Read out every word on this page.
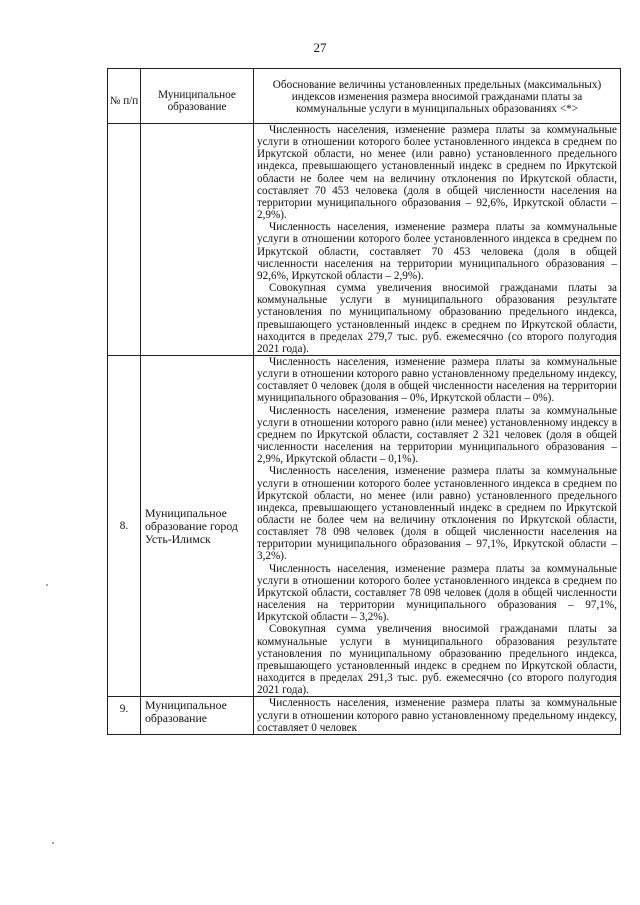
27
№ п/п	Муниципальное образование	Обоснование величины установленных предельных (максимальных) индексов изменения размера вносимой гражданами платы за коммунальные услуги в муниципальных образованиях <*>

		Численность населения, изменение размера платы за коммунальные услуги в отношении которого более установленного индекса в среднем по Иркутской области, но менее (или равно) установленного предельного индекса, превышающего установленный индекс в среднем по Иркутской области не более чем на величину отклонения по Иркутской области, составляет 70 453 человека (доля в общей численности населения на территории муниципального образования – 92,6%, Иркутской области – 2,9%).

Численность населения, изменение размера платы за коммунальные услуги в отношении которого более установленного индекса в среднем по Иркутской области, составляет 70 453 человека (доля в общей численности населения на территории муниципального образования – 92,6%, Иркутской области – 2,9%).

Совокупная сумма увеличения вносимой гражданами платы за коммунальные услуги в муниципального образования результате установления по муниципальному образованию предельного индекса, превышающего установленный индекс в среднем по Иркутской области, находится в пределах 279,7 тыс. руб. ежемесячно (со второго полугодия 2021 года).

8.	Муниципальное образование город Усть-Илимск	Численность населения, изменение размера платы за коммунальные услуги в отношении которого равно установленному предельному индексу, составляет 0 человек (доля в общей численности населения на территории муниципального образования – 0%, Иркутской области – 0%).

Численность населения, изменение размера платы за коммунальные услуги в отношении которого равно (или менее) установленному индексу в среднем по Иркутской области, составляет 2 321 человек (доля в общей численности населения на территории муниципального образования – 2,9%, Иркутской области – 0,1%).

Численность населения, изменение размера платы за коммунальные услуги в отношении которого более установленного индекса в среднем по Иркутской области, но менее (или равно) установленного предельного индекса, превышающего установленный индекс в среднем по Иркутской области не более чем на величину отклонения по Иркутской области, составляет 78 098 человек (доля в общей численности населения на территории муниципального образования – 97,1%, Иркутской области – 3,2%).

Численность населения, изменение размера платы за коммунальные услуги в отношении которого более установленного индекса в среднем по Иркутской области, составляет 78 098 человек (доля в общей численности населения на территории муниципального образования – 97,1%, Иркутской области – 3,2%).

Совокупная сумма увеличения вносимой гражданами платы за коммунальные услуги в муниципального образования результате установления по муниципальному образованию предельного индекса, превышающего установленный индекс в среднем по Иркутской области, находится в пределах 291,3 тыс. руб. ежемесячно (со второго полугодия 2021 года).

9.	Муниципальное образование	Численность населения, изменение размера платы за коммунальные услуги в отношении которого равно установленному предельному индексу, составляет 0 человек
